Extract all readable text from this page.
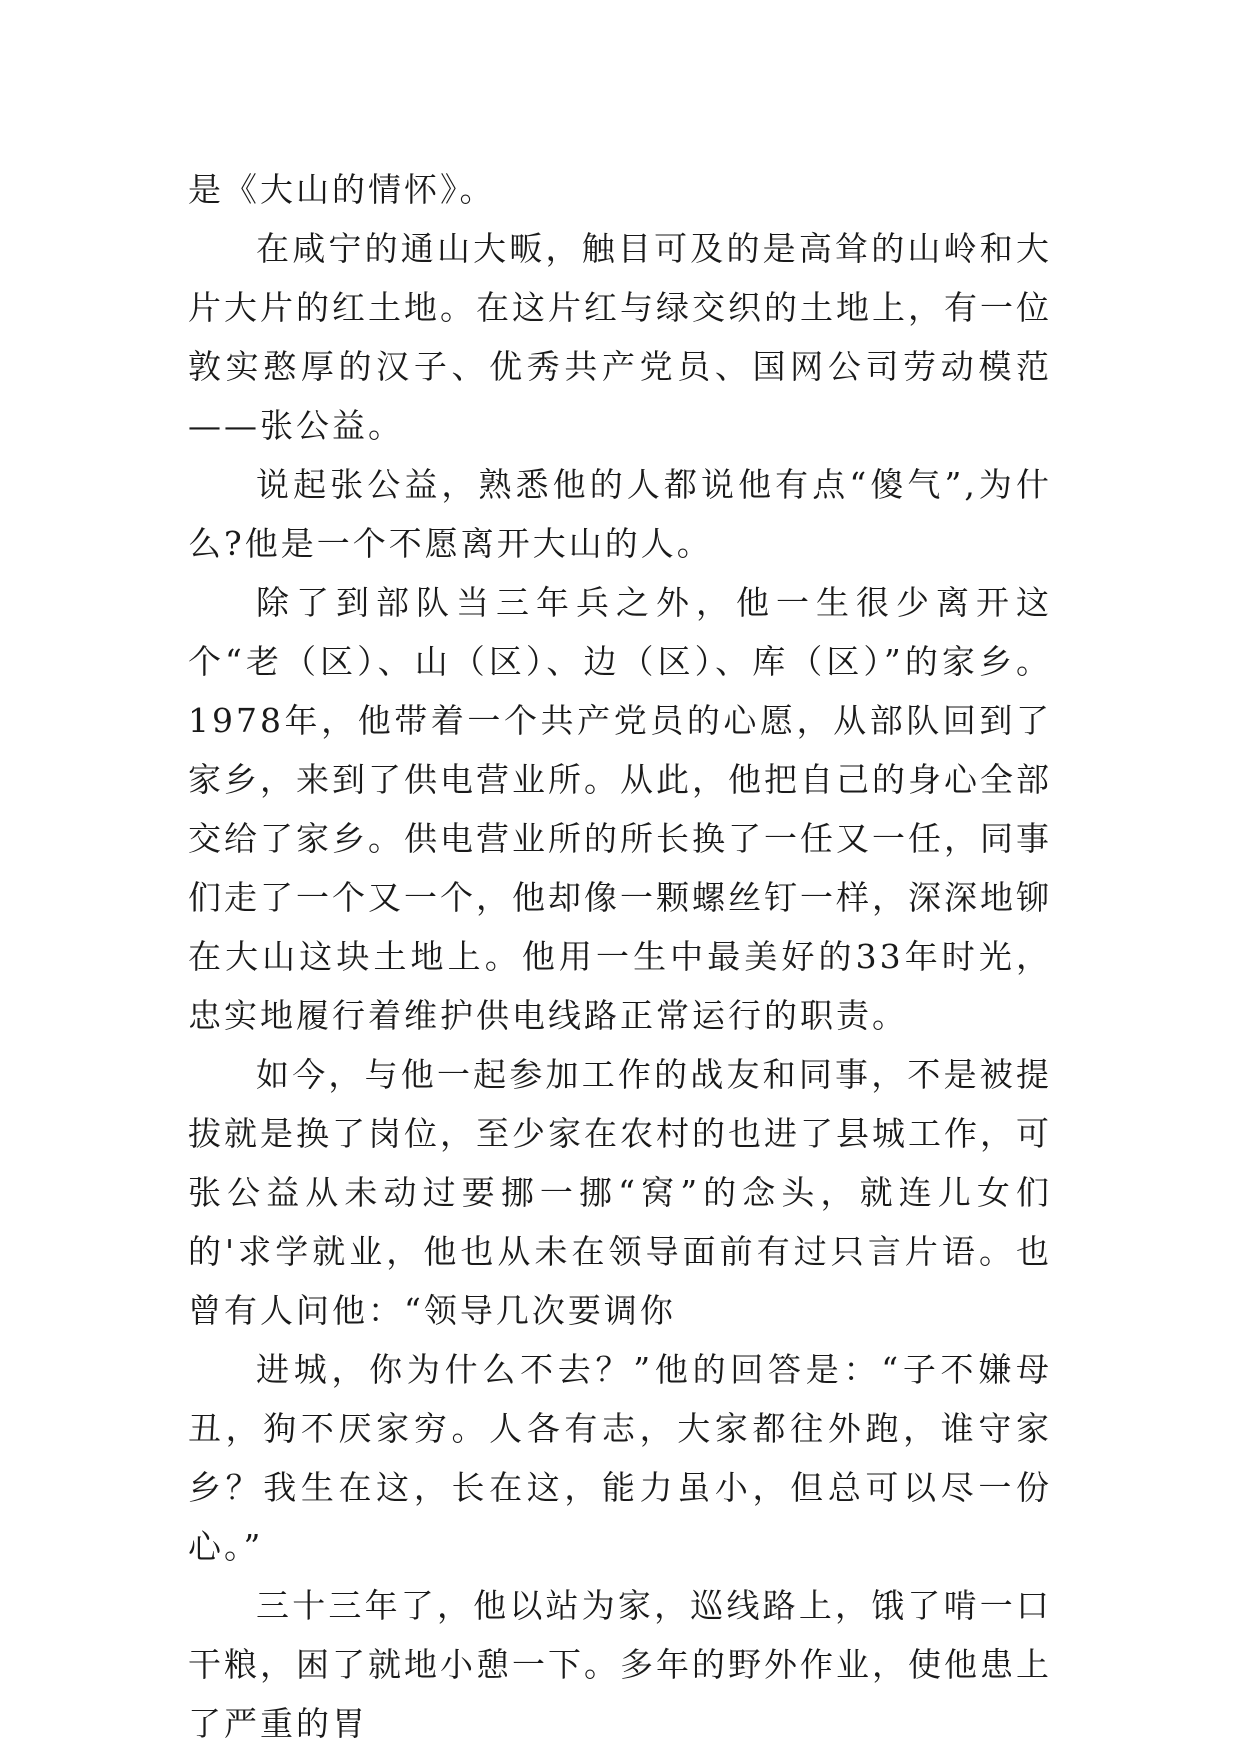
是《大山的情怀》。

在咸宁的通山大畈，触目可及的是高耸的山岭和大片大片的红土地。在这片红与绿交织的土地上，有一位敦实憨厚的汉子、优秀共产党员、国网公司劳动模范——张公益。

说起张公益，熟悉他的人都说他有点“傻气”,为什么?他是一个不愿离开大山的人。

除了到部队当三年兵之外，他一生很少离开这个“老（区）、山（区）、边（区）、库（区）”的家乡。1978年，他带着一个共产党员的心愿，从部队回到了家乡，来到了供电营业所。从此，他把自己的身心全部交给了家乡。供电营业所的所长换了一任又一任，同事们走了一个又一个，他却像一颗螺丝钉一样，深深地铆在大山这块土地上。他用一生中最美好的33年时光，忠实地履行着维护供电线路正常运行的职责。

如今，与他一起参加工作的战友和同事，不是被提拔就是换了岗位，至少家在农村的也进了县城工作，可张公益从未动过要挪一挪“窝”的念头，就连儿女们的'求学就业，他也从未在领导面前有过只言片语。也曾有人问他：“领导几次要调你

进城，你为什么不去？”他的回答是：“子不嫌母丑，狗不厌家穷。人各有志，大家都往外跑，谁守家乡？我生在这，长在这，能力虽小，但总可以尽一份心。”

三十三年了，他以站为家，巡线路上，饿了啃一口干粮，困了就地小憩一下。多年的野外作业，使他患上了严重的胃
